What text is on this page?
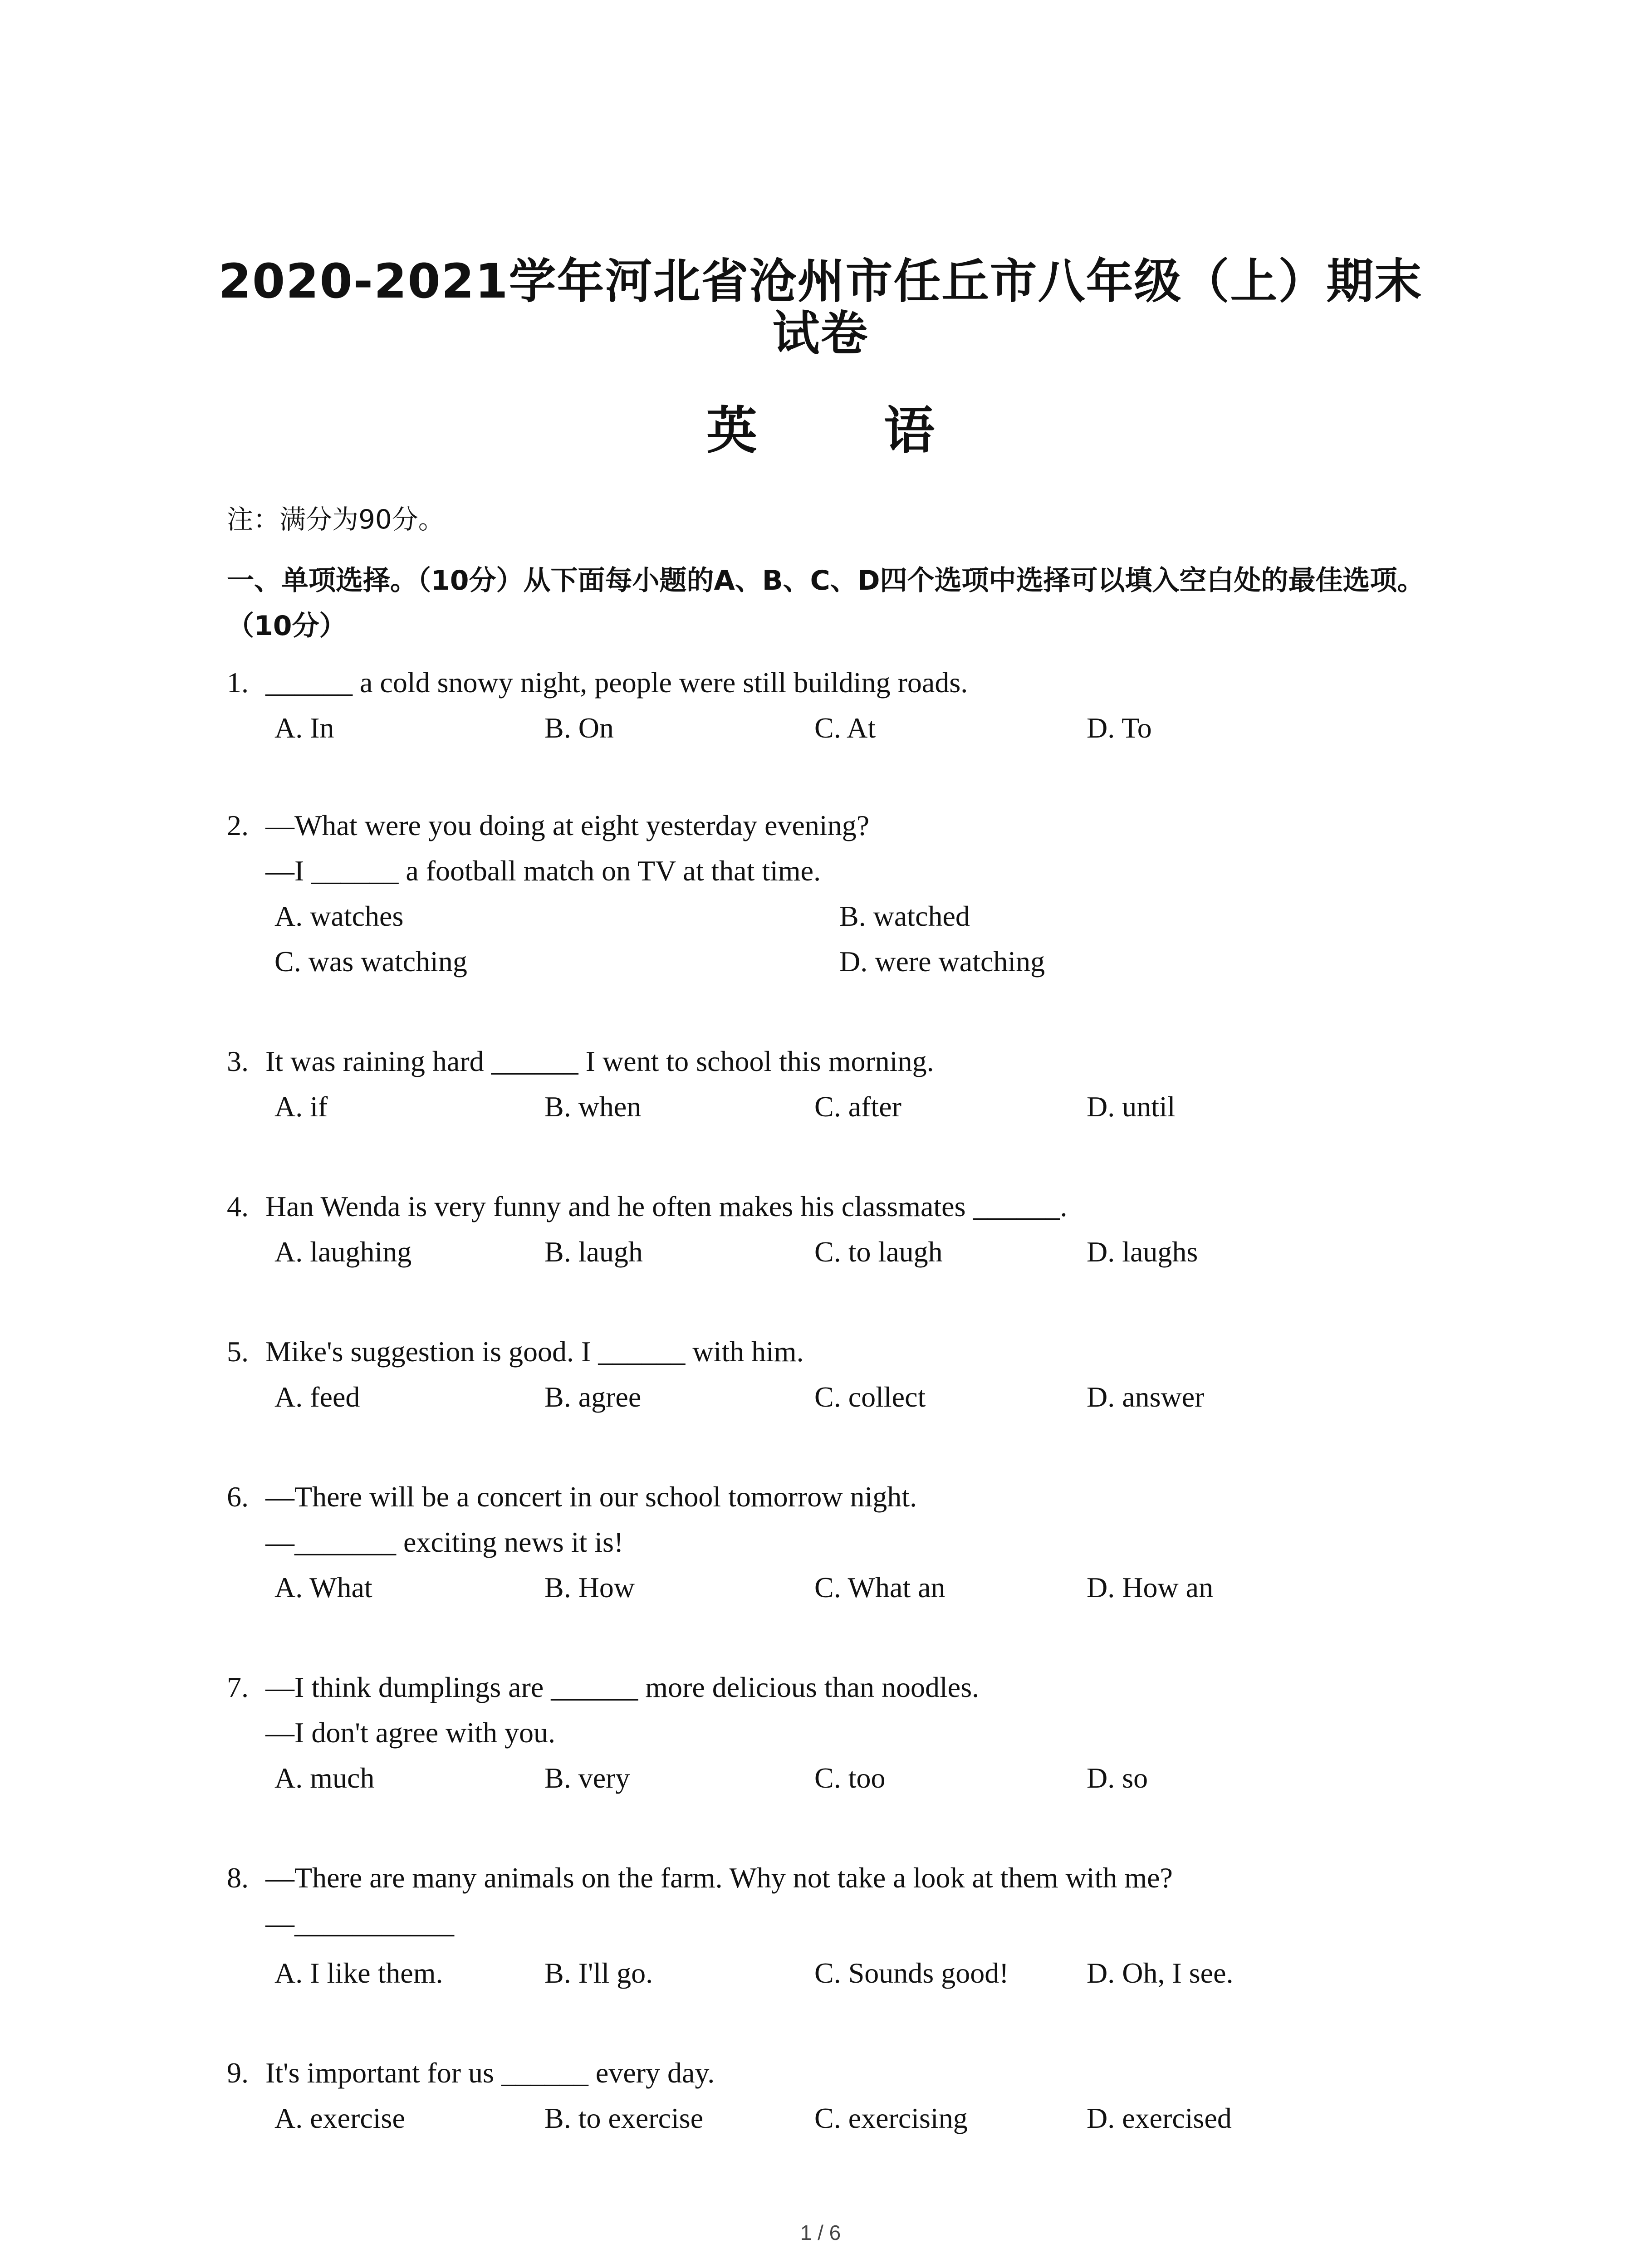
2020-2021学年河北省沧州市任丘市八年级（上）期末
试卷
英 语
注：满分为90分。
一、单项选择。（10分）从下面每小题的A、B、C、D四个选项中选择可以填入空白处的最佳选项。（10分）
1. ______ a cold snowy night, people were still building roads.
A. In	B. On	C. At	D. To
2. —What were you doing at eight yesterday evening?
—I ______ a football match on TV at that time.
A. watches	B. watched
C. was watching	D. were watching
3. It was raining hard ______ I went to school this morning.
A. if	B. when	C. after	D. until
4. Han Wenda is very funny and he often makes his classmates ______.
A. laughing	B. laugh	C. to laugh	D. laughs
5. Mike's suggestion is good. I ______ with him.
A. feed	B. agree	C. collect	D. answer
6. —There will be a concert in our school tomorrow night.
—_______ exciting news it is!
A. What	B. How	C. What an	D. How an
7. —I think dumplings are ______ more delicious than noodles.
—I don't agree with you.
A. much	B. very	C. too	D. so
8. —There are many animals on the farm. Why not take a look at them with me?
—___________
A. I like them.	B. I'll go.	C. Sounds good!	D. Oh, I see.
9. It's important for us ______ every day.
A. exercise	B. to exercise	C. exercising	D. exercised
1 / 6
